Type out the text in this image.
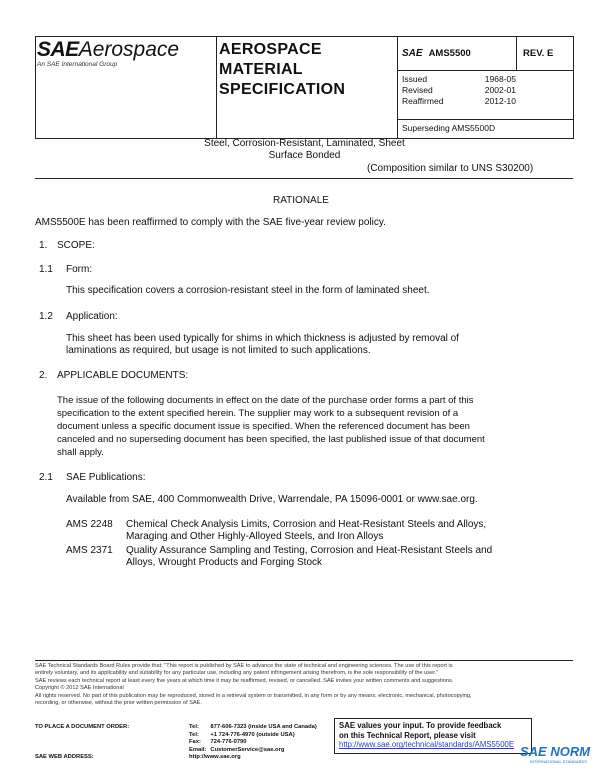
SAEAerospace
An SAE International Group
AEROSPACE
MATERIAL
SPECIFICATION
SAE AMS5500	REV. E
Issued	1968-05
Revised	2002-01
Reaffirmed	2012-10
Superseding AMS5500D
Steel, Corrosion-Resistant, Laminated, Sheet
Surface Bonded
(Composition similar to UNS S30200)
RATIONALE
AMS5500E has been reaffirmed to comply with the SAE five-year review policy.
1. SCOPE:
1.1 Form:
This specification covers a corrosion-resistant steel in the form of laminated sheet.
1.2 Application:
This sheet has been used typically for shims in which thickness is adjusted by removal of
laminations as required, but usage is not limited to such applications.
2. APPLICABLE DOCUMENTS:
The issue of the following documents in effect on the date of the purchase order forms a part of this
specification to the extent specified herein. The supplier may work to a subsequent revision of a
document unless a specific document issue is specified. When the referenced document has been
canceled and no superseding document has been specified, the last published issue of that document
shall apply.
2.1 SAE Publications:
Available from SAE, 400 Commonwealth Drive, Warrendale, PA 15096-0001 or www.sae.org.
AMS 2248 Chemical Check Analysis Limits, Corrosion and Heat-Resistant Steels and Alloys,
Maraging and Other Highly-Alloyed Steels, and Iron Alloys
AMS 2371 Quality Assurance Sampling and Testing, Corrosion and Heat-Resistant Steels and
Alloys, Wrought Products and Forging Stock
SAE Technical Standards Board Rules provide that: "This report is published by SAE to advance the state of technical and engineering sciences. The use of this report is
entirely voluntary, and its applicability and suitability for any particular use, including any patent infringement arising therefrom, is the sole responsibility of the user."
SAE reviews each technical report at least every five years at which time it may be reaffirmed, revised, or cancelled. SAE invites your written comments and suggestions.
Copyright © 2012 SAE International
All rights reserved. No part of this publication may be reproduced, stored in a retrieval system or transmitted, in any form or by any means, electronic, mechanical, photocopying,
recording, or otherwise, without the prior written permission of SAE.
TO PLACE A DOCUMENT ORDER:	Tel:	877-606-7323 (inside USA and Canada)
	Tel:	+1 724-776-4970 (outside USA)
	Fax:	724-776-0790
	Email:	CustomerService@sae.org
SAE WEB ADDRESS:	http://www.sae.org	
SAE values your input. To provide feedback
on this Technical Report, please visit
http://www.sae.org/technical/standards/AMS5500E SAE NORM
INTERNATIONAL STANDARDS
